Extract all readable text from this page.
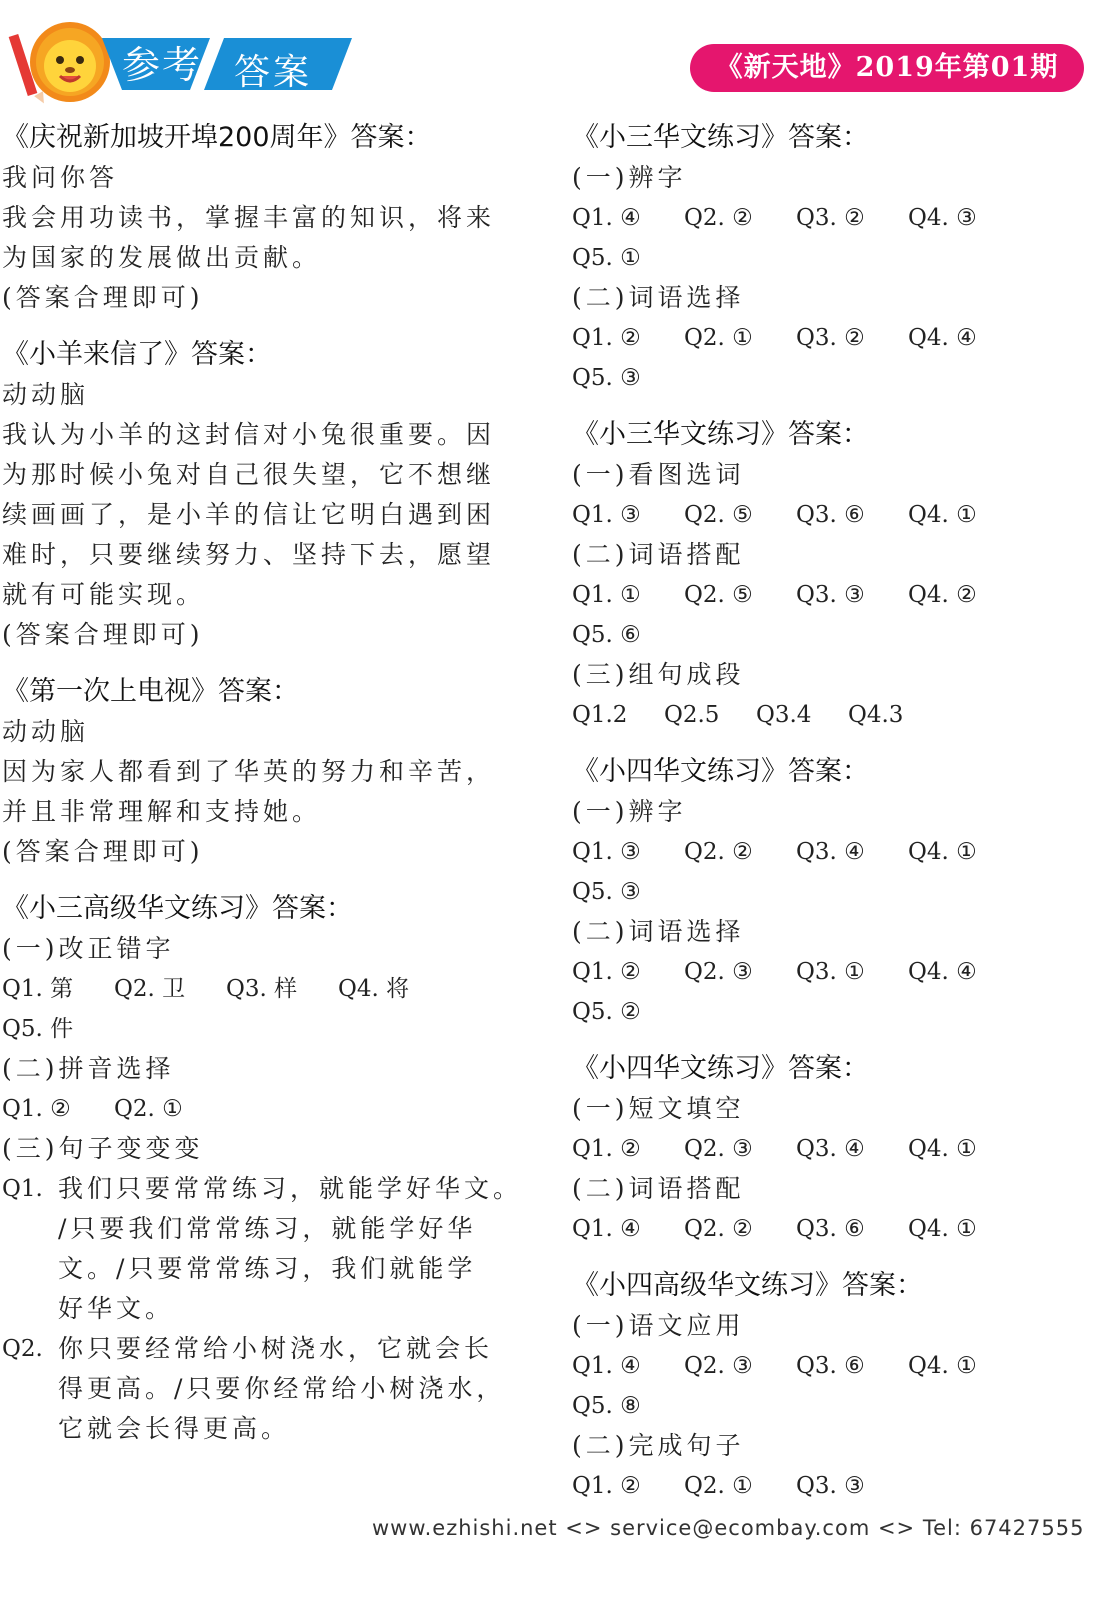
参考 答案	《新天地》2019年第01期
《庆祝新加坡开埠200周年》答案：
我问你答
我会用功读书，掌握丰富的知识，将来
为国家的发展做出贡献。
(答案合理即可)
《小羊来信了》答案：
动动脑
我认为小羊的这封信对小兔很重要。因
为那时候小兔对自己很失望，它不想继
续画画了，是小羊的信让它明白遇到困
难时，只要继续努力、坚持下去，愿望
就有可能实现。
(答案合理即可)
《第一次上电视》答案：
动动脑
因为家人都看到了华英的努力和辛苦，
并且非常理解和支持她。
(答案合理即可)
《小三高级华文练习》答案：
(一)改正错字
Q1. 第 Q2. 卫 Q3. 样 Q4. 将
Q5. 件
(二)拼音选择
Q1. ② Q2. ①
(三)句子变变变
Q1. 我们只要常常练习，就能学好华文。
/只要我们常常练习，就能学好华
文。/只要常常练习，我们就能学
好华文。
Q2. 你只要经常给小树浇水，它就会长
得更高。/只要你经常给小树浇水，
它就会长得更高。
《小三华文练习》答案：
(一)辨字
Q1. ④ Q2. ② Q3. ② Q4. ③
Q5. ①
(二)词语选择
Q1. ② Q2. ① Q3. ② Q4. ④
Q5. ③
《小三华文练习》答案：
(一)看图选词
Q1. ③ Q2. ⑤ Q3. ⑥ Q4. ①
(二)词语搭配
Q1. ① Q2. ⑤ Q3. ③ Q4. ②
Q5. ⑥
(三)组句成段
Q1.2 Q2.5 Q3.4 Q4.3
《小四华文练习》答案：
(一)辨字
Q1. ③ Q2. ② Q3. ④ Q4. ①
Q5. ③
(二)词语选择
Q1. ② Q2. ③ Q3. ① Q4. ④
Q5. ②
《小四华文练习》答案：
(一)短文填空
Q1. ② Q2. ③ Q3. ④ Q4. ①
(二)词语搭配
Q1. ④ Q2. ② Q3. ⑥ Q4. ①
《小四高级华文练习》答案：
(一)语文应用
Q1. ④ Q2. ③ Q3. ⑥ Q4. ①
Q5. ⑧
(二)完成句子
Q1. ② Q2. ① Q3. ③
www.ezhishi.net <> service@ecombay.com <> Tel: 67427555
